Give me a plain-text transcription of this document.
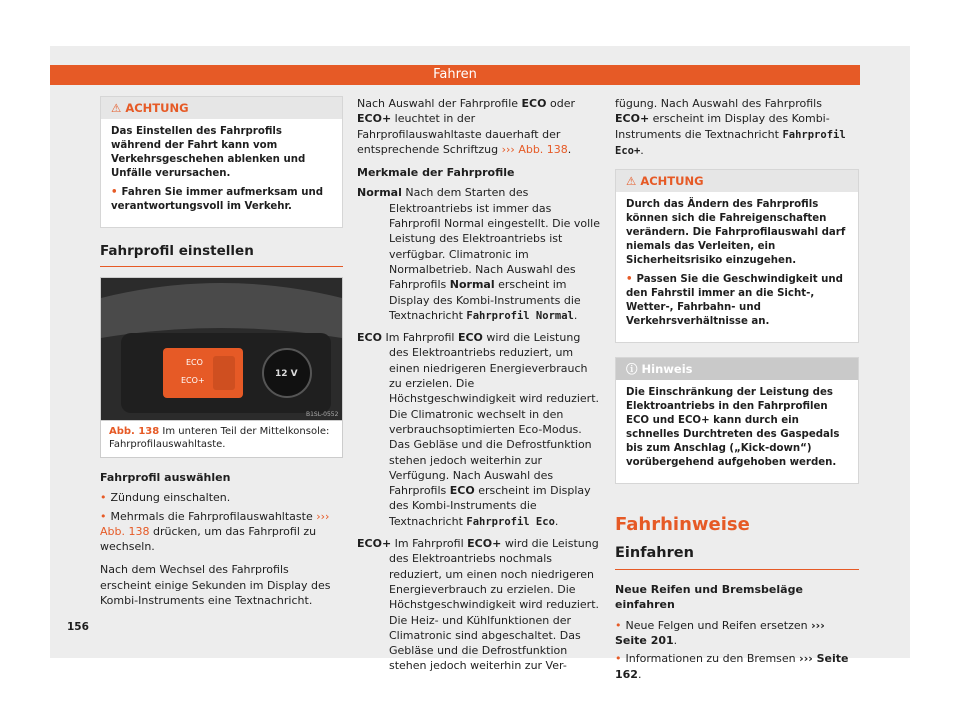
Fahren
⚠ ACHTUNG

Das Einstellen des Fahrprofils während der Fahrt kann vom Verkehrsgeschehen ablenken und Unfälle verursachen.

• Fahren Sie immer aufmerksam und verantwortungsvoll im Verkehr.

Fahrprofil einstellen
ECO
ECO+
12 V
B1SL-0552
Abb. 138 Im unteren Teil der Mittelkonsole: Fahrprofilauswahltaste.
Fahrprofil auswählen
• Zündung einschalten.
• Mehrmals die Fahrprofilauswahltaste ››› Abb. 138 drücken, um das Fahrprofil zu wechseln.
Nach dem Wechsel des Fahrprofils erscheint einige Sekunden im Display des Kombi-Instruments eine Textnachricht.
Nach Auswahl der Fahrprofile ECO oder ECO+ leuchtet in der Fahrprofilauswahltaste dauerhaft der entsprechende Schriftzug ››› Abb. 138.
Merkmale der Fahrprofile
Normal Nach dem Starten des Elektroantriebs ist immer das Fahrprofil Normal eingestellt. Die volle Leistung des Elektroantriebs ist verfügbar. Climatronic im Normalbetrieb. Nach Auswahl des Fahrprofils Normal erscheint im Display des Kombi-Instruments die Textnachricht Fahrprofil Normal.
ECO Im Fahrprofil ECO wird die Leistung des Elektroantriebs reduziert, um einen niedrigeren Energieverbrauch zu erzielen. Die Höchstgeschwindigkeit wird reduziert. Die Climatronic wechselt in den verbrauchsoptimierten Eco-Modus. Das Gebläse und die Defrostfunktion stehen jedoch weiterhin zur Verfügung. Nach Auswahl des Fahrprofils ECO erscheint im Display des Kombi-Instruments die Textnachricht Fahrprofil Eco.
ECO+ Im Fahrprofil ECO+ wird die Leistung des Elektroantriebs nochmals reduziert, um einen noch niedrigeren Energieverbrauch zu erzielen. Die Höchstgeschwindigkeit wird reduziert. Die Heiz- und Kühlfunktionen der Climatronic sind abgeschaltet. Das Gebläse und die Defrostfunktion stehen jedoch weiterhin zur Ver-
fügung. Nach Auswahl des Fahrprofils ECO+ erscheint im Display des Kombi-Instruments die Textnachricht Fahrprofil Eco+.
⚠ ACHTUNG

Durch das Ändern des Fahrprofils können sich die Fahreigenschaften verändern. Die Fahrprofilauswahl darf niemals das Verleiten, ein Sicherheitsrisiko einzugehen.

• Passen Sie die Geschwindigkeit und den Fahrstil immer an die Sicht-, Wetter-, Fahrbahn- und Verkehrsverhältnisse an.

ⓘ Hinweis

Die Einschränkung der Leistung des Elektroantriebs in den Fahrprofilen ECO und ECO+ kann durch ein schnelles Durchtreten des Gaspedals bis zum Anschlag („Kick-down“) vorübergehend aufgehoben werden.

Fahrhinweise
Einfahren
Neue Reifen und Bremsbeläge einfahren
• Neue Felgen und Reifen ersetzen ››› Seite 201.
• Informationen zu den Bremsen ››› Seite 162.
156
